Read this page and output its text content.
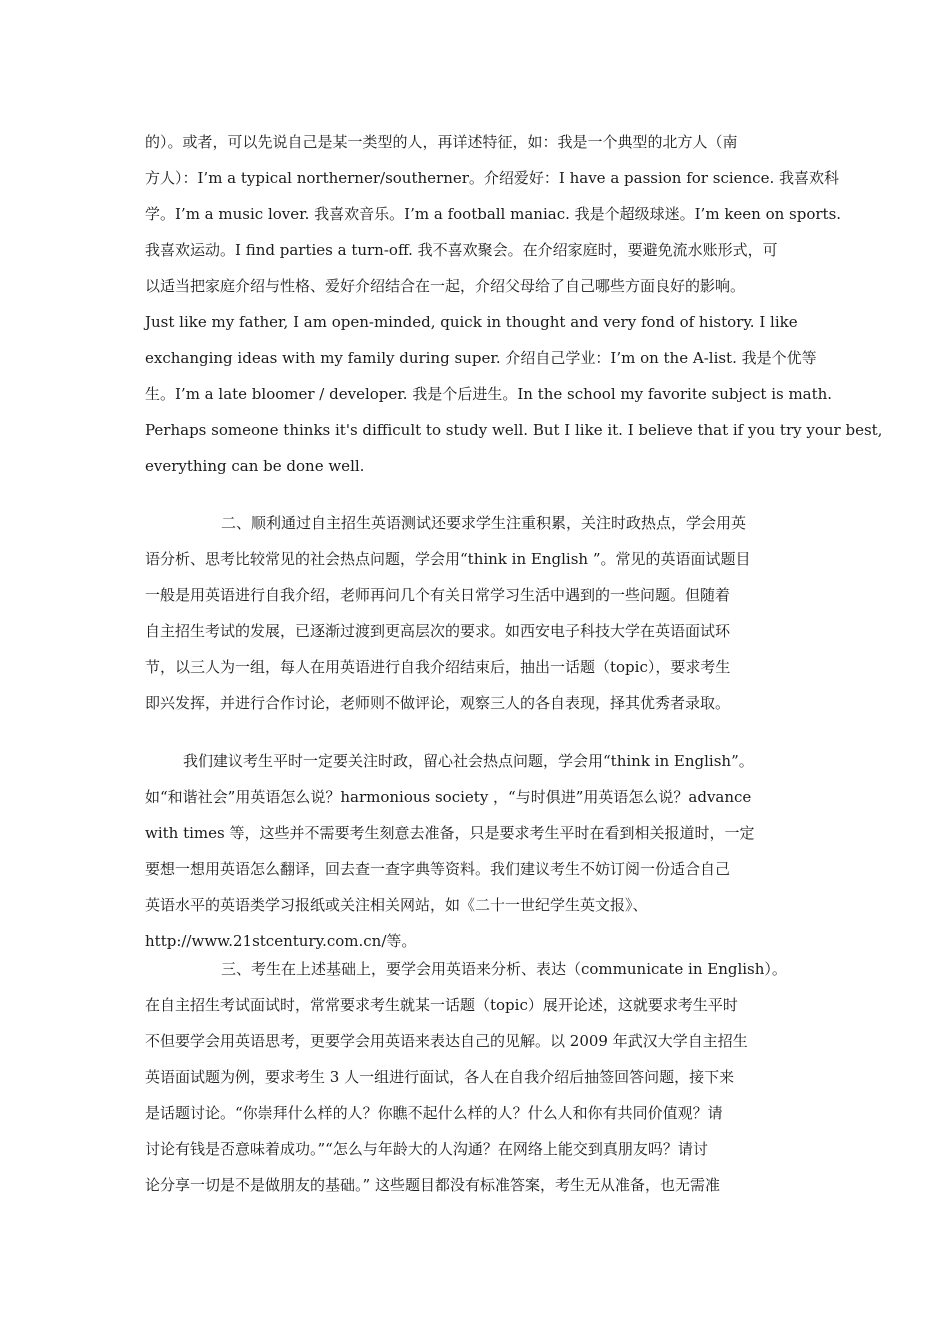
的）。或者，可以先说自己是某一类型的人，再详述特征，如：我是一个典型的北方人（南
方人）：I’m a typical northerner/southerner。介绍爱好：I have a passion for science. 我喜欢科
学。I’m a music lover. 我喜欢音乐。I’m a football maniac. 我是个超级球迷。I’m keen on sports.
我喜欢运动。I find parties a turn-off. 我不喜欢聚会。在介绍家庭时，要避免流水账形式，可
以适当把家庭介绍与性格、爱好介绍结合在一起，介绍父母给了自己哪些方面良好的影响。
Just like my father, I am open-minded, quick in thought and very fond of history. I like
exchanging ideas with my family during super. 介绍自己学业：I’m on the A-list. 我是个优等
生。I’m a late bloomer / developer. 我是个后进生。In the school my favorite subject is math.
Perhaps someone thinks it's difficult to study well. But I like it. I believe that if you try your best,
everything can be done well.
二、顺利通过自主招生英语测试还要求学生注重积累，关注时政热点，学会用英
语分析、思考比较常见的社会热点问题，学会用“think in English ”。常见的英语面试题目
一般是用英语进行自我介绍，老师再问几个有关日常学习生活中遇到的一些问题。但随着
自主招生考试的发展，已逐渐过渡到更高层次的要求。如西安电子科技大学在英语面试环
节，以三人为一组，每人在用英语进行自我介绍结束后，抽出一话题（topic），要求考生
即兴发挥，并进行合作讨论，老师则不做评论，观察三人的各自表现，择其优秀者录取。
我们建议考生平时一定要关注时政，留心社会热点问题，学会用“think in English”。
如“和谐社会”用英语怎么说？harmonious society ，“与时俱进”用英语怎么说？advance
with times 等，这些并不需要考生刻意去准备，只是要求考生平时在看到相关报道时，一定
要想一想用英语怎么翻译，回去查一查字典等资料。我们建议考生不妨订阅一份适合自己
英语水平的英语类学习报纸或关注相关网站，如《二十一世纪学生英文报》、
http://www.21stcentury.com.cn/等。
三、考生在上述基础上，要学会用英语来分析、表达（communicate in English）。
在自主招生考试面试时，常常要求考生就某一话题（topic）展开论述，这就要求考生平时
不但要学会用英语思考，更要学会用英语来表达自己的见解。以 2009 年武汉大学自主招生
英语面试题为例，要求考生 3 人一组进行面试，各人在自我介绍后抽签回答问题，接下来
是话题讨论。“你崇拜什么样的人？你瞧不起什么样的人？什么人和你有共同价值观？请
讨论有钱是否意味着成功。”“怎么与年龄大的人沟通？在网络上能交到真朋友吗？请讨
论分享一切是不是做朋友的基础。” 这些题目都没有标准答案，考生无从准备，也无需准
